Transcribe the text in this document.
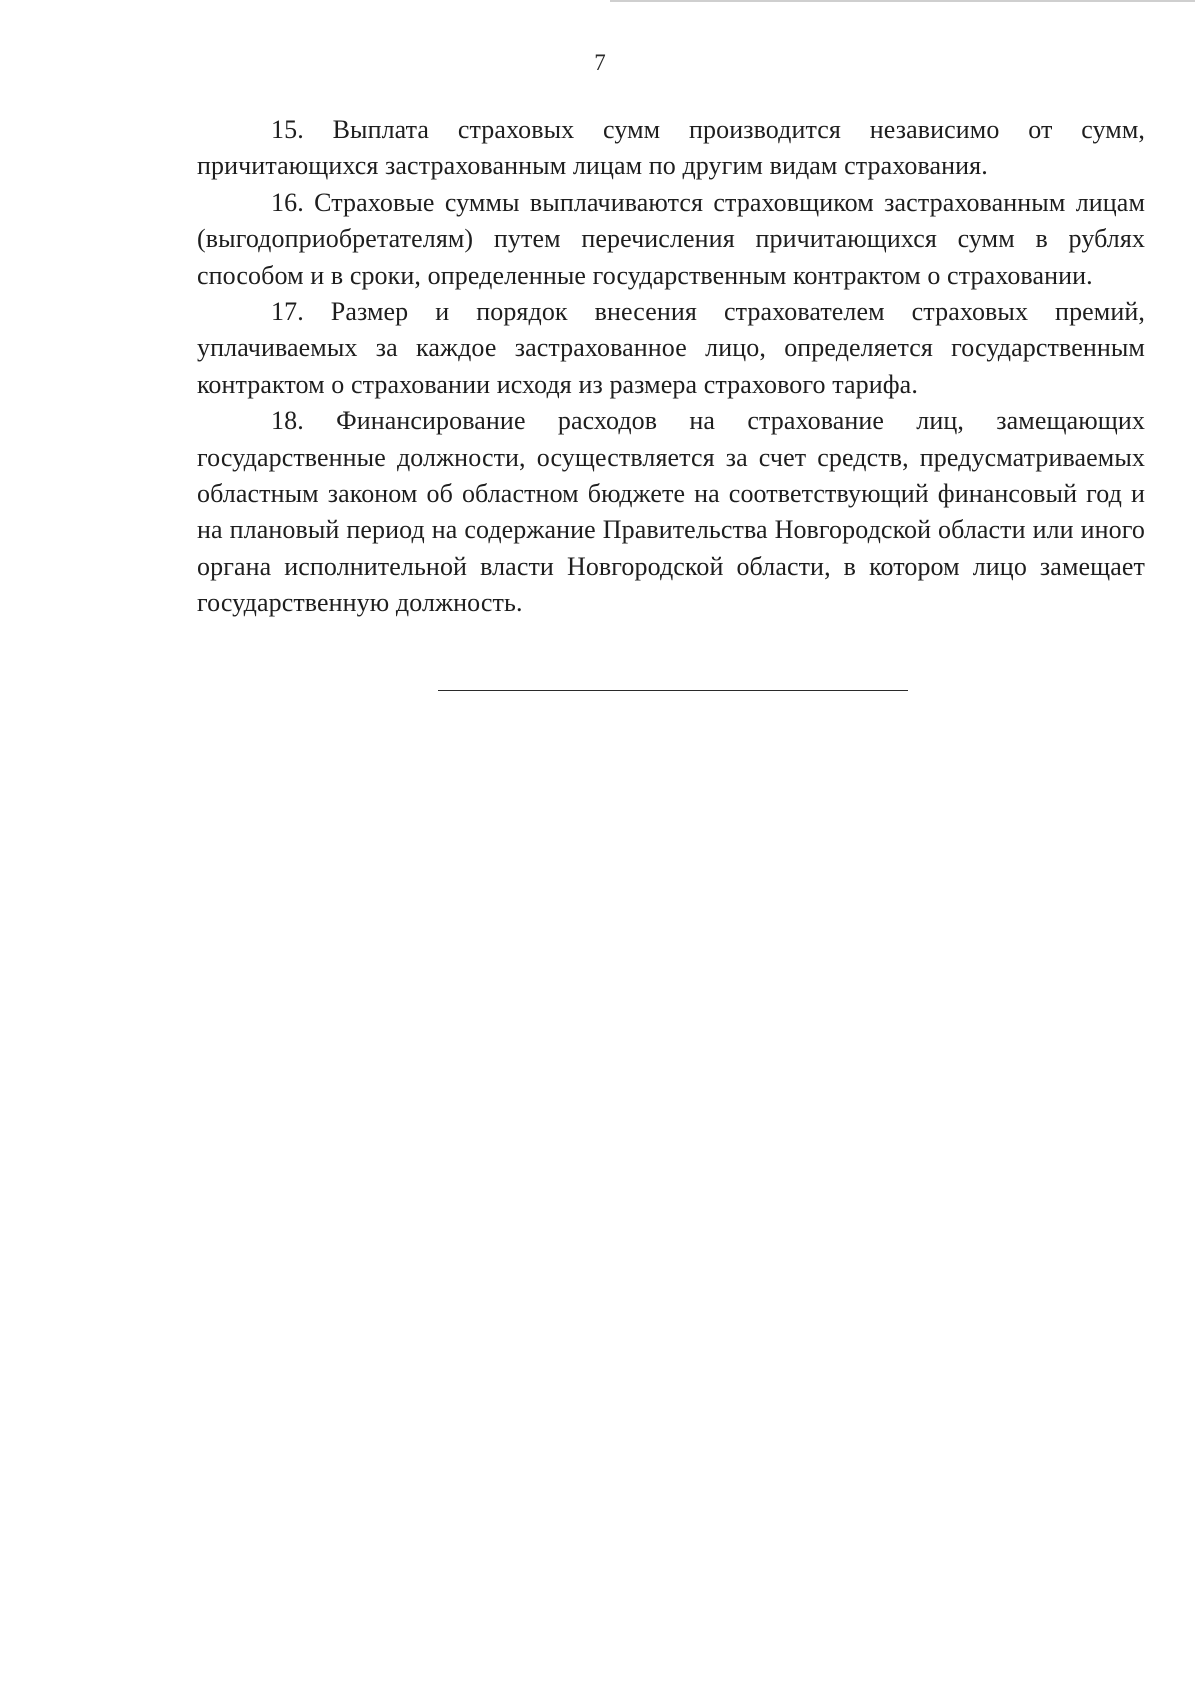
7

15. Выплата страховых сумм производится независимо от сумм, причитающихся застрахованным лицам по другим видам страхования.

16. Страховые суммы выплачиваются страховщиком застрахованным лицам (выгодоприобретателям) путем перечисления причитающихся сумм в рублях способом и в сроки, определенные государственным контрактом о страховании.

17. Размер и порядок внесения страхователем страховых премий, уплачиваемых за каждое застрахованное лицо, определяется государственным контрактом о страховании исходя из размера страхового тарифа.

18. Финансирование расходов на страхование лиц, замещающих государственные должности, осуществляется за счет средств, предусматриваемых областным законом об областном бюджете на соответствующий финансовый год и на плановый период на содержание Правительства Новгородской области или иного органа исполнительной власти Новгородской области, в котором лицо замещает государственную должность.
